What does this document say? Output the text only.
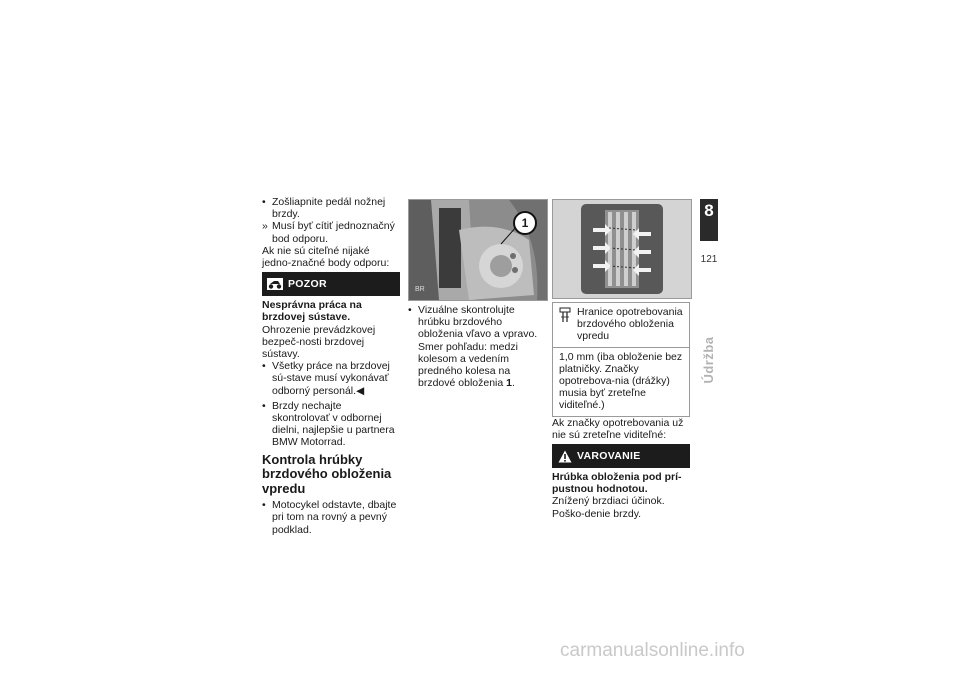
• Zošliapnite pedál nožnej brzdy.

» Musí byť cítiť jednoznačný bod odporu.

Ak nie sú citeľné nijaké jedno-značné body odporu:

POZOR

Nesprávna práca na brzdovej sústave.

Ohrozenie prevádzkovej bezpeč-nosti brzdovej sústavy.

• Všetky práce na brzdovej sú-stave musí vykonávať odborný personál.◀

• Brzdy nechajte skontrolovať v odbornej dielni, najlepšie u partnera BMW Motorrad.

Kontrola hrúbky brzdového obloženia vpredu

• Motocykel odstavte, dbajte pri tom na rovný a pevný podklad.

1
BR

• Vizuálne skontrolujte hrúbku brzdového obloženia vľavo a vpravo. Smer pohľadu: medzi kolesom a vedením predného kolesa na brzdové obloženia 1.

Hranice opotrebovania brzdového obloženia vpredu
1,0 mm (iba obloženie bez platničky. Značky opotrebova-nia (drážky) musia byť zreteľne viditeľné.)

Ak značky opotrebovania už nie sú zreteľne viditeľné:

VAROVANIE

Hrúbka obloženia pod prí-pustnou hodnotou.

Znížený brzdiaci účinok. Poško-denie brzdy.

8
121
Údržba
carmanualsonline.info
